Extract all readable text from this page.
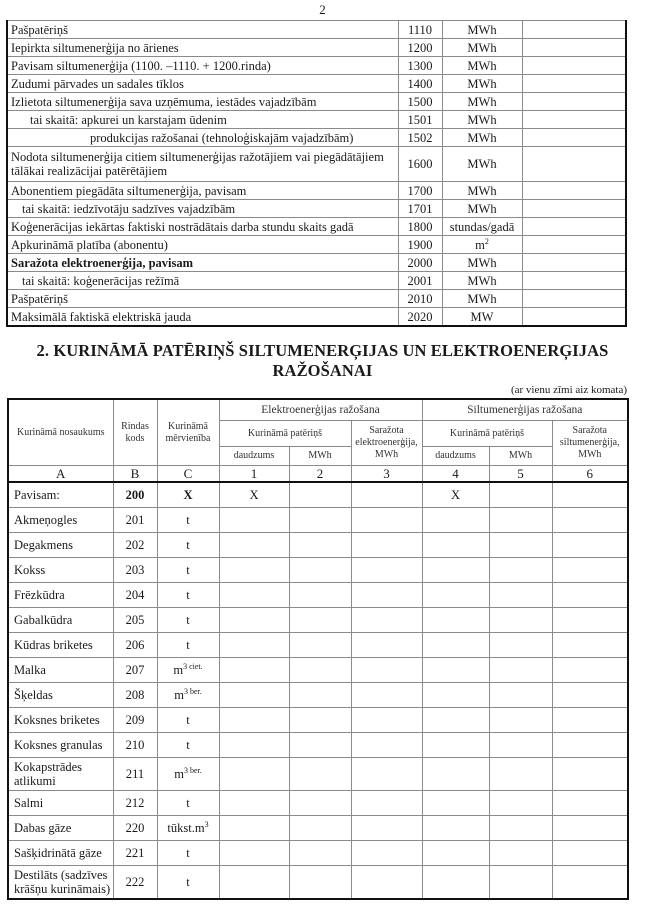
2
Pašpatēriņš	1110	MWh	
Iepirkta siltumenerģija no ārienes	1200	MWh	
Pavisam siltumenerģija (1100. –1110. + 1200.rinda)	1300	MWh	
Zudumi pārvades un sadales tīklos	1400	MWh	
Izlietota siltumenerģija sava uzņēmuma, iestādes vajadzībām	1500	MWh	
tai skaitā: apkurei un karstajam ūdenim	1501	MWh	
produkcijas ražošanai (tehnoloģiskajām vajadzībām)	1502	MWh	
Nodota siltumenerģija citiem siltumenerģijas ražotājiem vai piegādātājiem tālākai realizācijai patērētājiem	1600	MWh	
Abonentiem piegādāta siltumenerģija, pavisam	1700	MWh	
tai skaitā: iedzīvotāju sadzīves vajadzībām	1701	MWh	
Koģenerācijas iekārtas faktiski nostrādātais darba stundu skaits gadā	1800	stundas/gadā	
Apkurināmā platība (abonentu)	1900	$m^2$	
Saražota elektroenerģija, pavisam	2000	MWh	
tai skaitā: koģenerācijas režīmā	2001	MWh	
Pašpatēriņš	2010	MWh	
Maksimālā faktiskā elektriskā jauda	2020	MW	
2. KURINĀMĀ PATĒRIŅŠ SILTUMENERĢIJAS UN ELEKTROENERĢIJAS
RAŽOŠANAI
(ar vienu zīmi aiz komata)
Kurināmā nosaukums	Rindas kods	Kurināmā mērvienība	Elektroenerģijas ražošana			Siltumenerģijas ražošana		
			Kurināmā patēriņš		Saražota elektroenerģija, MWh	Kurināmā patēriņš		Saražota siltumenerģija, MWh
			daudzums	MWh		daudzums	MWh	
A	B	C	1	2	3	4	5	6
Pavisam:	200	X	X			X		
Akmeņogles	201	t						
Degakmens	202	t						
Kokss	203	t						
Frēzkūdra	204	t						
Gabalkūdra	205	t						
Kūdras briketes	206	t						
Malka	207	$m^{3 ciet.}$						
Šķeldas	208	$m^{3 ber.}$						
Koksnes briketes	209	t						
Koksnes granulas	210	t						
Kokapstrādes atlikumi	211	$m^{3 ber.}$						
Salmi	212	t						
Dabas gāze	220	$tūkst.m^3$						
Sašķidrinātā gāze	221	t						
Destilāts (sadzīves krāšņu kurināmais)	222	t						
